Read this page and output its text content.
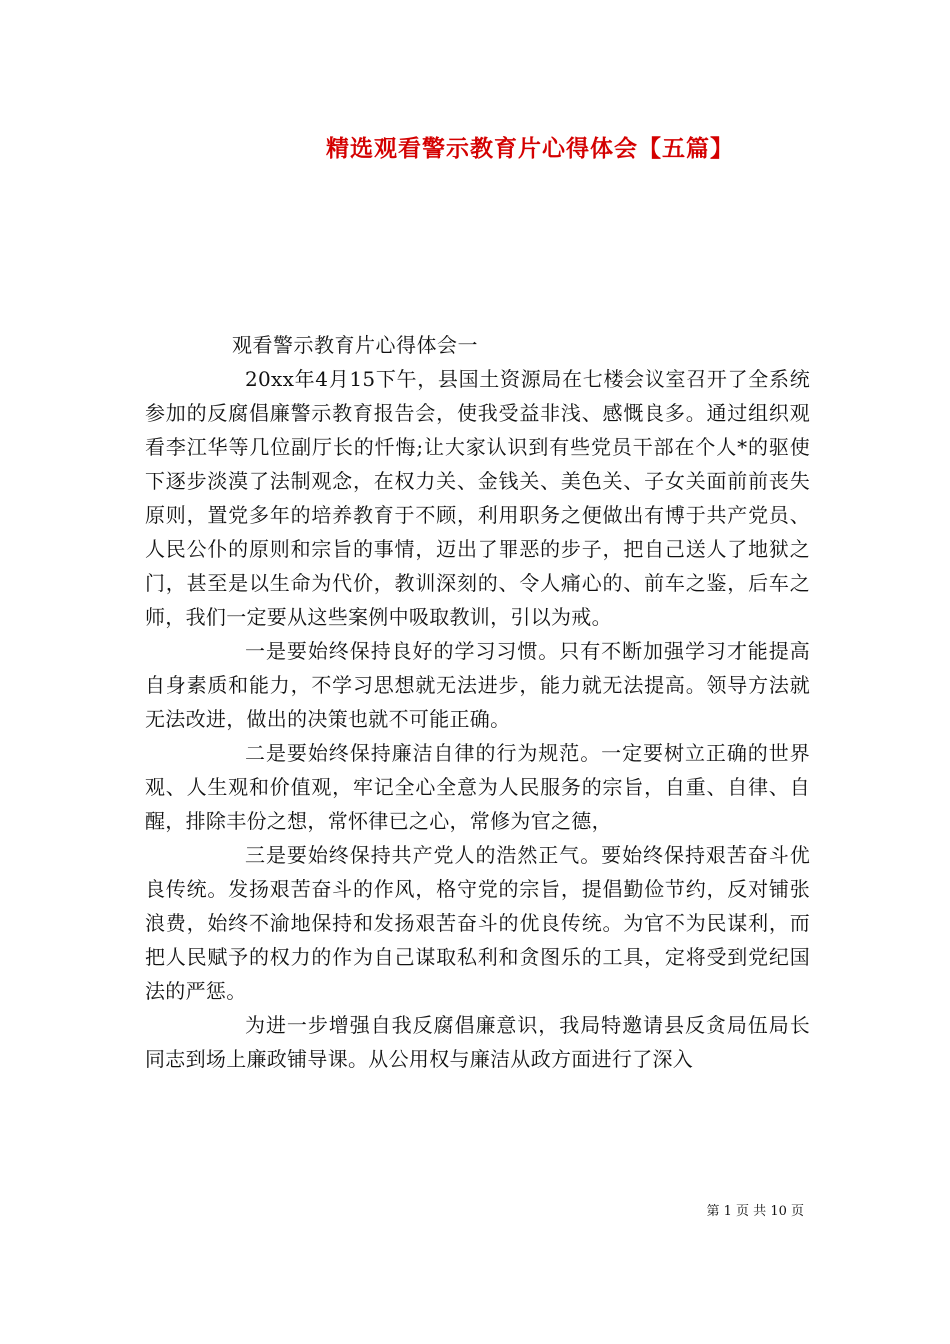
精选观看警示教育片心得体会【五篇】
观看警示教育片心得体会一

20xx年4月15下午，县国土资源局在七楼会议室召开了全系统参加的反腐倡廉警示教育报告会，使我受益非浅、感慨良多。通过组织观看李江华等几位副厅长的忏悔;让大家认识到有些党员干部在个人*的驱使下逐步淡漠了法制观念，在权力关、金钱关、美色关、子女关面前前丧失原则，置党多年的培养教育于不顾，利用职务之便做出有博于共产党员、人民公仆的原则和宗旨的事情，迈出了罪恶的步子，把自己送人了地狱之门，甚至是以生命为代价，教训深刻的、令人痛心的、前车之鉴，后车之师，我们一定要从这些案例中吸取教训，引以为戒。

一是要始终保持良好的学习习惯。只有不断加强学习才能提高自身素质和能力，不学习思想就无法进步，能力就无法提高。领导方法就无法改进，做出的决策也就不可能正确。

二是要始终保持廉洁自律的行为规范。一定要树立正确的世界观、人生观和价值观，牢记全心全意为人民服务的宗旨，自重、自律、自醒，排除丰份之想，常怀律已之心，常修为官之德，

三是要始终保持共产党人的浩然正气。要始终保持艰苦奋斗优良传统。发扬艰苦奋斗的作风，格守党的宗旨，提倡勤俭节约，反对铺张浪费，始终不渝地保持和发扬艰苦奋斗的优良传统。为官不为民谋利，而把人民赋予的权力的作为自己谋取私利和贪图乐的工具，定将受到党纪国法的严惩。

为进一步增强自我反腐倡廉意识，我局特邀请县反贪局伍局长同志到场上廉政铺导课。从公用权与廉洁从政方面进行了深入

第 1 页 共 10 页
